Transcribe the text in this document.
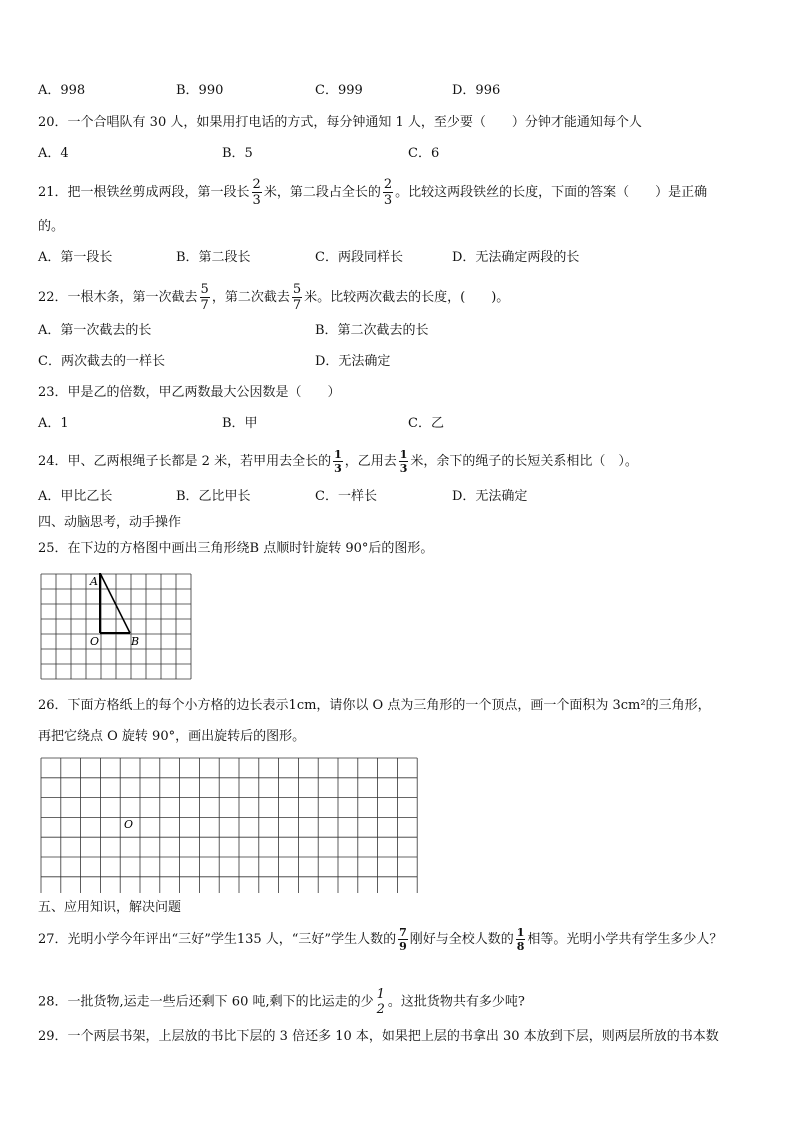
A．998	B．990	C．999	D．996
20．一个合唱队有 30 人，如果用打电话的方式，每分钟通知 1 人，至少要（　　）分钟才能通知每个人
A．4	B．5	C．6
21．把一根铁丝剪成两段，第一段长 $\frac{2}{3}$ 米，第二段占全长的 $\frac{2}{3}$ 。比较这两段铁丝的长度，下面的答案（　　）是正确
的。
A．第一段长	B．第二段长	C．两段同样长	D．无法确定两段的长
22．一根木条，第一次截去 $\frac{5}{7}$ ，第二次截去 $\frac{5}{7}$ 米。比较两次截去的长度，(　　)。
A．第一次截去的长	B．第二次截去的长
C．两次截去的一样长	D．无法确定
23．甲是乙的倍数，甲乙两数最大公因数是（　　）
A．1	B．甲	C．乙
24．甲、乙两根绳子长都是 2 米，若甲用去全长的 $\frac{1}{3}$ ，乙用去 $\frac{1}{3}$ 米，余下的绳子的长短关系相比（　）。
A．甲比乙长	B．乙比甲长	C．一样长	D．无法确定
四、动脑思考，动手操作
25．在下边的方格图中画出三角形绕B 点顺时针旋转 90°后的图形。
A
O	B
26．下面方格纸上的每个小方格的边长表示1cm，请你以 O 点为三角形的一个顶点，画一个面积为 3cm²的三角形，
再把它绕点 O 旋转 90°，画出旋转后的图形。
O
五、应用知识，解决问题
27．光明小学今年评出“三好”学生135 人，“三好”学生人数的 $\frac{7}{9}$ 刚好与全校人数的 $\frac{1}{8}$ 相等。光明小学共有学生多少人？
28．一批货物,运走一些后还剩下 60 吨,剩下的比运走的少 1
2 。这批货物共有多少吨?
29．一个两层书架，上层放的书比下层的 3 倍还多 10 本，如果把上层的书拿出 30 本放到下层，则两层所放的书本数
